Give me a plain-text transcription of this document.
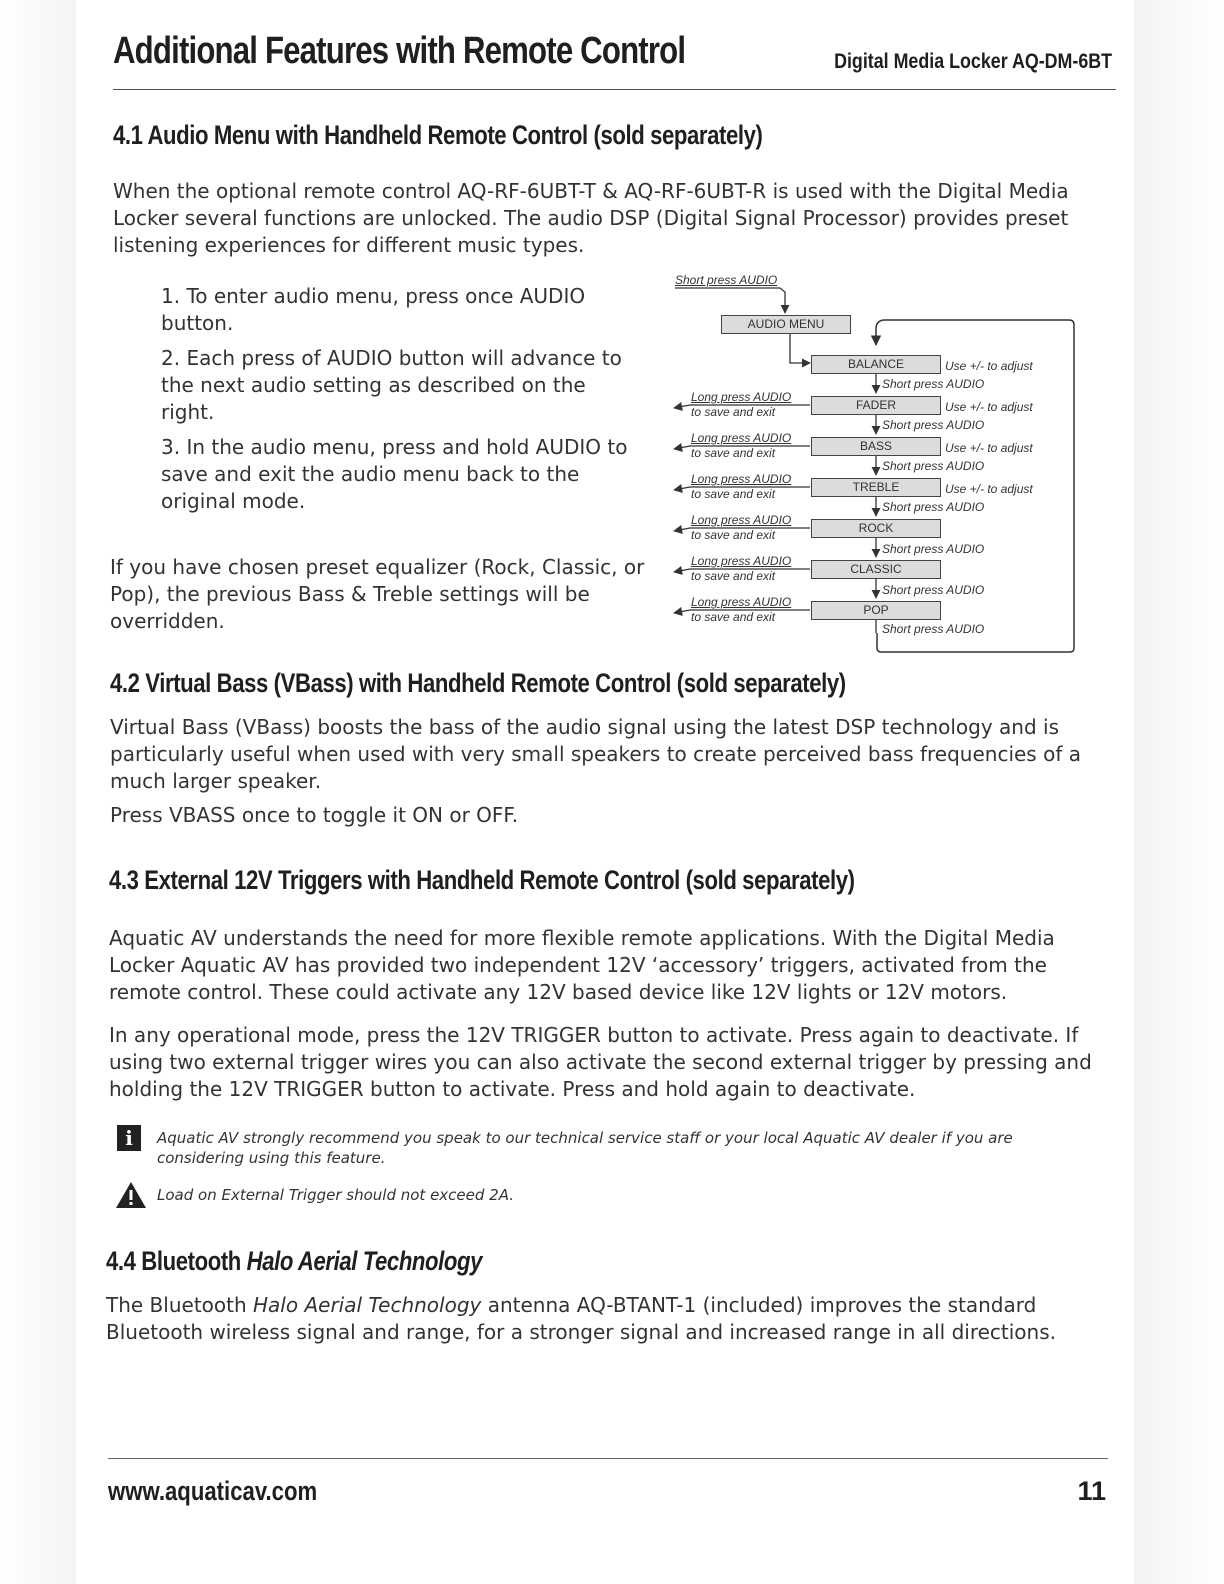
Additional Features with Remote Control	Digital Media Locker AQ-DM-6BT
4.1 Audio Menu with Handheld Remote Control (sold separately)

When the optional remote control AQ-RF-6UBT-T & AQ-RF-6UBT-R is used with the Digital Media Locker several functions are unlocked. The audio DSP (Digital Signal Processor) provides preset listening experiences for different music types.

1. To enter audio menu, press once AUDIO button.

2. Each press of AUDIO button will advance to the next audio setting as described on the right.

3. In the audio menu, press and hold AUDIO to save and exit the audio menu back to the original mode.

If you have chosen preset equalizer (Rock, Classic, or Pop), the previous Bass & Treble settings will be overridden.

Short press AUDIO
AUDIO MENU
BALANCE
FADER
BASS
TREBLE
ROCK
CLASSIC
POP
Use +/- to adjust
Use +/- to adjust
Use +/- to adjust
Use +/- to adjust
Short press AUDIO
Short press AUDIO
Short press AUDIO
Short press AUDIO
Short press AUDIO
Short press AUDIO
Short press AUDIO
Long press AUDIO
to save and exit
Long press AUDIO
to save and exit
Long press AUDIO
to save and exit
Long press AUDIO
to save and exit
Long press AUDIO
to save and exit
Long press AUDIO
to save and exit
4.2 Virtual Bass (VBass) with Handheld Remote Control (sold separately)

Virtual Bass (VBass) boosts the bass of the audio signal using the latest DSP technology and is particularly useful when used with very small speakers to create perceived bass frequencies of a much larger speaker.

Press VBASS once to toggle it ON or OFF.

4.3 External 12V Triggers with Handheld Remote Control (sold separately)

Aquatic AV understands the need for more flexible remote applications. With the Digital Media Locker Aquatic AV has provided two independent 12V ‘accessory’ triggers, activated from the remote control. These could activate any 12V based device like 12V lights or 12V motors.

In any operational mode, press the 12V TRIGGER button to activate. Press again to deactivate. If using two external trigger wires you can also activate the second external trigger by pressing and holding the 12V TRIGGER button to activate. Press and hold again to deactivate.

i	Aquatic AV strongly recommend you speak to our technical service staff or your local Aquatic AV dealer if you are considering using this feature.

Load on External Trigger should not exceed 2A.

4.4 Bluetooth Halo Aerial Technology

The Bluetooth Halo Aerial Technology antenna AQ-BTANT-1 (included) improves the standard Bluetooth wireless signal and range, for a stronger signal and increased range in all directions.

www.aquaticav.com	11
